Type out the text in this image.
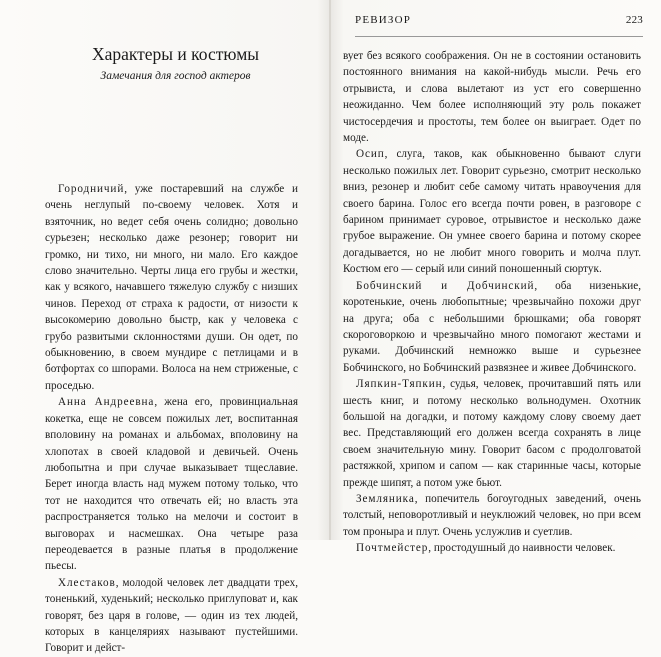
Характеры и костюмы
Замечания для господ актеров

Городничий, уже постаревший на службе и очень неглупый по-своему человек. Хотя и взяточник, но ведет себя очень солидно; довольно сурьезен; несколько даже резонер; говорит ни громко, ни тихо, ни много, ни мало. Его каждое слово значительно. Черты лица его грубы и жестки, как у всякого, начавшего тяжелую службу с низших чинов. Переход от страха к радости, от низости к высокомерию довольно быстр, как у человека с грубо развитыми склонностями души. Он одет, по обыкновению, в своем мундире с петлицами и в ботфортах со шпорами. Волоса на нем стриженые, с проседью.

Анна Андреевна, жена его, провинциальная кокетка, еще не совсем пожилых лет, воспитанная вполовину на романах и альбомах, вполовину на хлопотах в своей кладовой и девичьей. Очень любопытна и при случае выказывает тщеславие. Берет иногда власть над мужем потому только, что тот не находится что отвечать ей; но власть эта распространяется только на мелочи и состоит в выговорах и насмешках. Она четыре раза переодевается в разные платья в продолжение пьесы.

Хлестаков, молодой человек лет двадцати трех, тоненький, худенький; несколько приглуповат и, как говорят, без царя в голове, — один из тех людей, которых в канцеляриях называют пустейшими. Говорит и дейст-

РЕВИЗОР	223

вует без всякого соображения. Он не в состоянии остановить постоянного внимания на какой-нибудь мысли. Речь его отрывиста, и слова вылетают из уст его совершенно неожиданно. Чем более исполняющий эту роль покажет чистосердечия и простоты, тем более он выиграет. Одет по моде.

Осип, слуга, таков, как обыкновенно бывают слуги несколько пожилых лет. Говорит сурьезно, смотрит несколько вниз, резонер и любит себе самому читать нравоучения для своего барина. Голос его всегда почти ровен, в разговоре с барином принимает суровое, отрывистое и несколько даже грубое выражение. Он умнее своего барина и потому скорее догадывается, но не любит много говорить и молча плут. Костюм его — серый или синий поношенный сюртук.

Бобчинский и Добчинский, оба низенькие, коротенькие, очень любопытные; чрезвычайно похожи друг на друга; оба с небольшими брюшками; оба говорят скороговоркою и чрезвычайно много помогают жестами и руками. Добчинский немножко выше и сурьезнее Бобчинского, но Бобчинский развязнее и живее Добчинского.

Ляпкин-Тяпкин, судья, человек, прочитавший пять или шесть книг, и потому несколько вольнодумен. Охотник большой на догадки, и потому каждому слову своему дает вес. Представляющий его должен всегда сохранять в лице своем значительную мину. Говорит басом с продолговатой растяжкой, хрипом и сапом — как старинные часы, которые прежде шипят, а потом уже бьют.

Земляника, попечитель богоугодных заведений, очень толстый, неповоротливый и неуклюжий человек, но при всем том проныра и плут. Очень услужлив и суетлив.

Почтмейстер, простодушный до наивности человек.
